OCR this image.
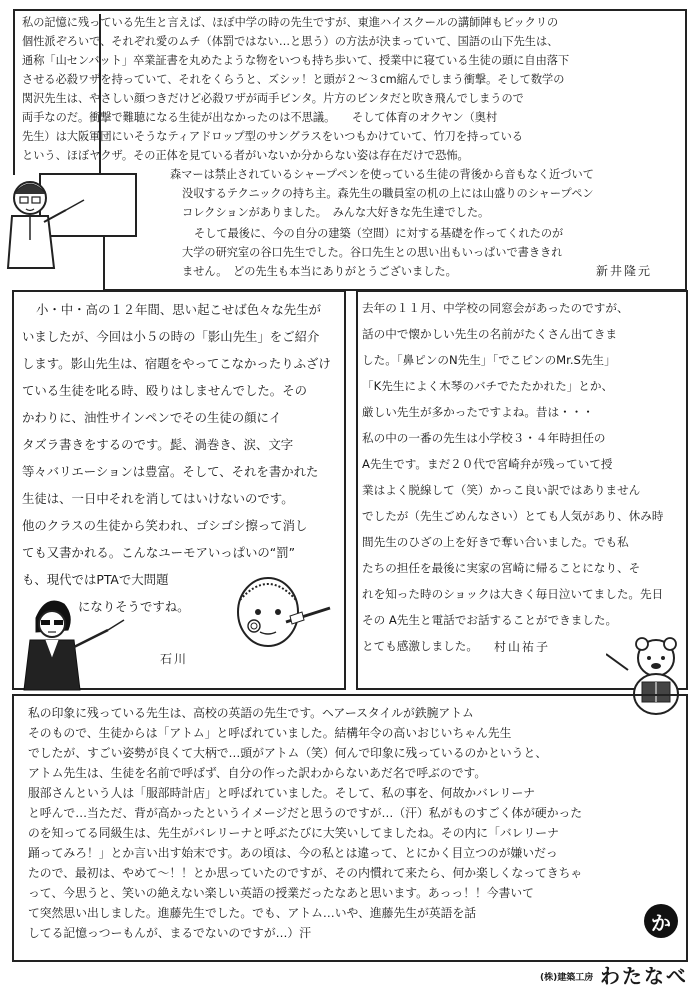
私の記憶に残っている先生と言えば、ほぼ中学の時の先生ですが、東進ハイスクールの講師陣もビックリの
個性派ぞろいで、それぞれ愛のムチ（体罰ではない…と思う）の方法が決まっていて、国語の山下先生は、
通称「山センバット」卒業証書を丸めたような物をいつも持ち歩いて、授業中に寝ている生徒の頭に自由落下
させる必殺ワザを持っていて、それをくらうと、ズシッ！と頭が２～３cm縮んでしまう衝撃。そして数学の
関沢先生は、やさしい顔つきだけど必殺ワザが両手ビンタ。片方のビンタだと吹き飛んでしまうので
両手なのだ。衝撃で難聴になる生徒が出なかったのは不思議。　　そして体育のオクヤン（奥村
先生）は大阪軍団にいそうなティアドロップ型のサングラスをいつもかけていて、竹刀を持っている
という、ほぼヤクザ。その正体を見ている者がいないか分からない姿は存在だけで恐怖。
森マーは禁止されているシャープペンを使っている生徒の背後から音もなく近づいて
没収するテクニックの持ち主。森先生の職員室の机の上には山盛りのシャープペン
コレクションがありました。　みんな大好きな先生達でした。
そして最後に、今の自分の建築（空間）に対する基礎を作ってくれたのが
大学の研究室の谷口先生でした。谷口先生との思い出もいっぱいで書ききれ
ません。　どの先生も本当にありがとうございました。	新井隆元
小・中・高の１２年間、思い起こせば色々な先生が
いましたが、今回は小５の時の「影山先生」をご紹介
します。影山先生は、宿題をやってこなかったりふざけ
ている生徒を叱る時、殴りはしませんでした。その
かわりに、油性サインペンでその生徒の顔にイ
タズラ書きをするのです。髭、渦巻き、涙、文字
等々バリエーションは豊富。そして、それを書かれた
生徒は、一日中それを消してはいけないのです。
他のクラスの生徒から笑われ、ゴシゴシ擦って消し
ても又書かれる。こんなユーモアいっぱいの“罰”
も、現代ではPTAで大問題
になりそうですね。
石川
去年の１１月、中学校の同窓会があったのですが、
話の中で懐かしい先生の名前がたくさん出てきま
した。「鼻ピンのN先生」「でこピンのMr.S先生」
「K先生によく木琴のバチでたたかれた」とか、
厳しい先生が多かったですよね。昔は・・・
私の中の一番の先生は小学校３・４年時担任の
A先生です。まだ２０代で宮崎弁が残っていて授
業はよく脱線して（笑）かっこ良い訳ではありません
でしたが（先生ごめんなさい）とても人気があり、休み時
間先生のひざの上を好きで奪い合いました。でも私
たちの担任を最後に実家の宮崎に帰ることになり、そ
れを知った時のショックは大きく毎日泣いてました。先日
その A先生と電話でお話することができました。
とても感激しました。 村山祐子
私の印象に残っている先生は、高校の英語の先生です。ヘアースタイルが鉄腕アトム
そのもので、生徒からは「アトム」と呼ばれていました。結構年令の高いおじいちゃん先生
でしたが、すごい姿勢が良くて大柄で…頭がアトム（笑）何んで印象に残っているのかというと、
アトム先生は、生徒を名前で呼ばず、自分の作った訳わからないあだ名で呼ぶのです。
服部さんという人は「服部時計店」と呼ばれていました。そして、私の事を、何故かバレリーナ
と呼んで…当ただ、背が高かったというイメージだと思うのですが…（汗）私がものすごく体が硬かった
のを知ってる同級生は、先生がバレリーナと呼ぶたびに大笑いしてましたね。その内に「バレリーナ
踊ってみろ！」とか言い出す始末です。あの頃は、今の私とは違って、とにかく目立つのが嫌いだっ
たので、最初は、やめて～！！とか思っていたのですが、その内慣れて来たら、何か楽しくなってきちゃ
って、今思うと、笑いの絶えない楽しい英語の授業だったなあと思います。あっっ！！今書いて
て突然思い出しました。進藤先生でした。でも、アトム…いや、進藤先生が英語を話
してる記憶っつーもんが、まるでないのですが…）汗	か
(株)建築工房 わたなべ
